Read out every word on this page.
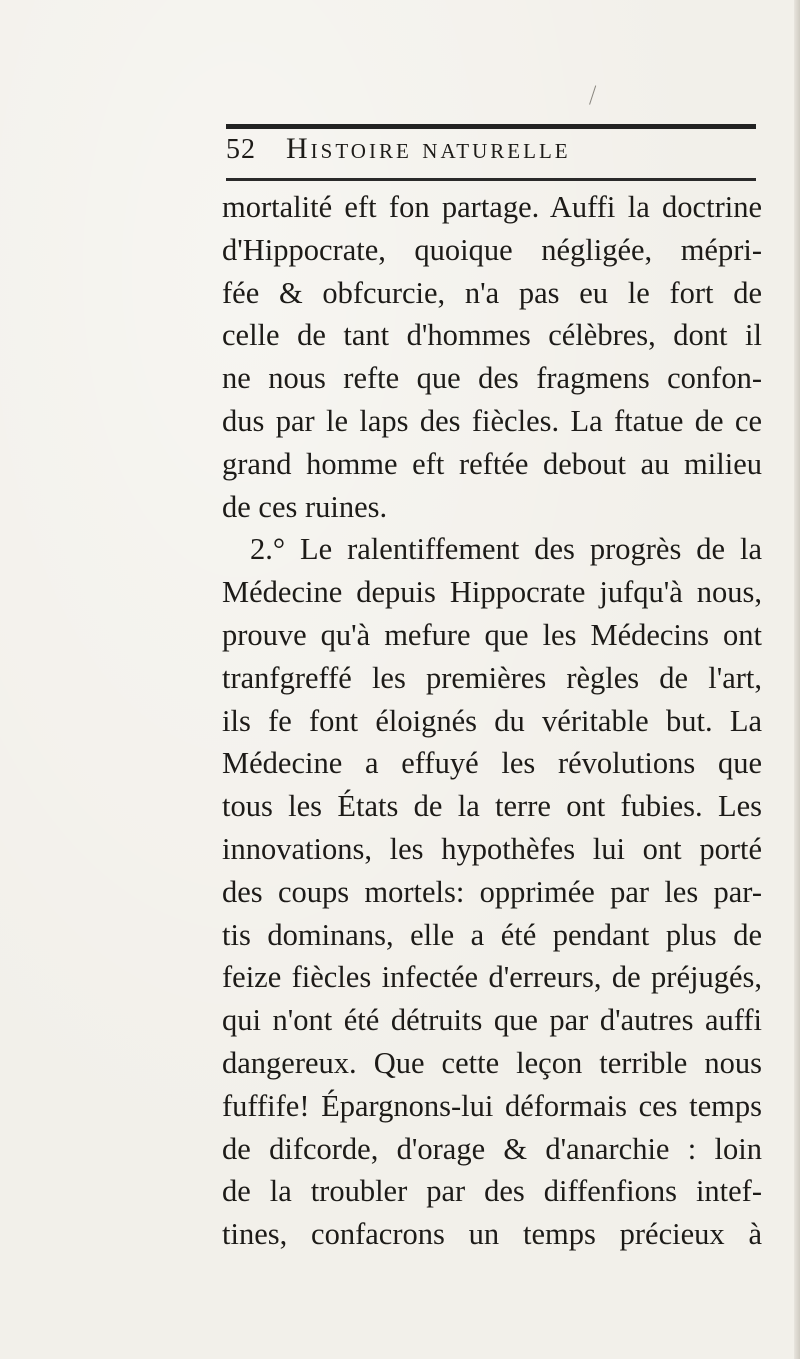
52 Histoire naturelle
mortalité eft fon partage. Auffi la doctrine
d'Hippocrate, quoique négligée, mépri-
fée & obfcurcie, n'a pas eu le fort de
celle de tant d'hommes célèbres, dont il
ne nous refte que des fragmens confon-
dus par le laps des fiècles. La ftatue de ce
grand homme eft reftée debout au milieu
de ces ruines.
2.° Le ralentiffement des progrès de la
Médecine depuis Hippocrate jufqu'à nous,
prouve qu'à mefure que les Médecins ont
tranfgreffé les premières règles de l'art,
ils fe font éloignés du véritable but. La
Médecine a effuyé les révolutions que
tous les États de la terre ont fubies. Les
innovations, les hypothèfes lui ont porté
des coups mortels: opprimée par les par-
tis dominans, elle a été pendant plus de
feize fiècles infectée d'erreurs, de préjugés,
qui n'ont été détruits que par d'autres auffi
dangereux. Que cette leçon terrible nous
fuffife! Épargnons-lui déformais ces temps
de difcorde, d'orage & d'anarchie : loin
de la troubler par des diffenfions intef-
tines, confacrons un temps précieux à
